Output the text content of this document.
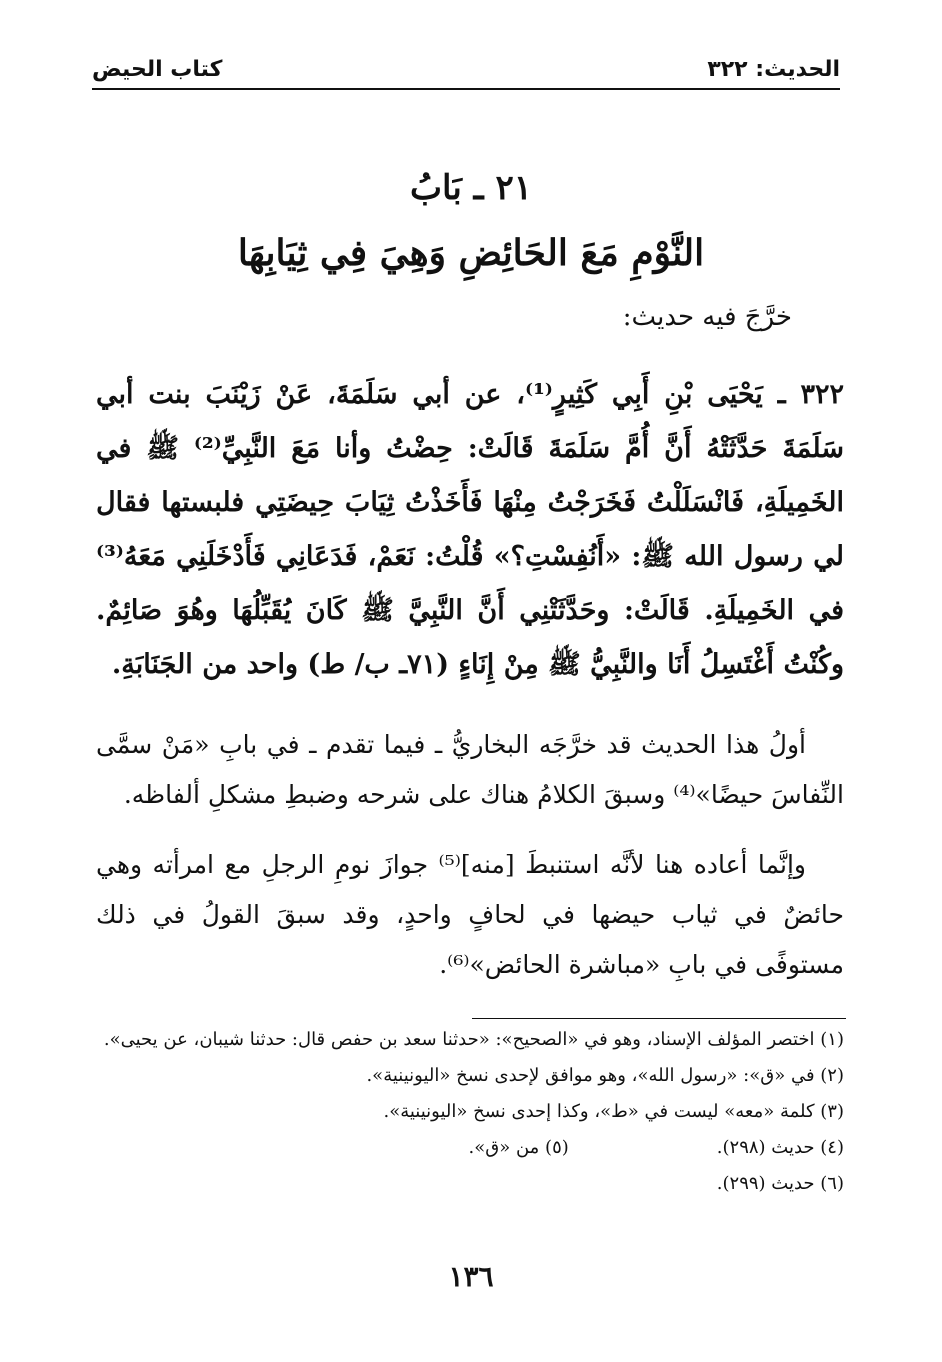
الحديث: ٣٢٢
كتاب الحيض
٢١ ـ بَابُ
النَّوْمِ مَعَ الحَائِضِ وَهِيَ فِي ثِيَابِهَا
خرَّجَ فيه حديث:

٣٢٢ ـ يَحْيَى بْنِ أَبِي كَثِيرٍ⁽¹⁾، عن أبي سَلَمَةَ، عَنْ زَيْنَبَ بنت أبي سَلَمَةَ حَدَّثَتْهُ أَنَّ أُمَّ سَلَمَةَ قَالَتْ: حِضْتُ وأنا مَعَ النَّبِيِّ⁽²⁾ ﷺ في الخَمِيلَةِ، فَانْسَلَلْتُ فَخَرَجْتُ مِنْهَا فَأَخَذْتُ ثِيَابَ حِيضَتِي فلبستها فقال لي رسول الله ﷺ: «أَنُفِسْتِ؟» قُلْتُ: نَعَمْ، فَدَعَانِي فَأَدْخَلَنِي مَعَهُ⁽³⁾ في الخَمِيلَةِ. قَالَتْ: وحَدَّثَتْنِي أَنَّ النَّبِيَّ ﷺ كَانَ يُقَبِّلُهَا وهُوَ صَائِمٌ. وكُنْتُ أَغْتَسِلُ أَنَا والنَّبِيُّ ﷺ مِنْ إِنَاءٍ (٧١ـ ب/ ط) واحد من الجَنَابَةِ.

أولُ هذا الحديث قد خرَّجَه البخاريُّ ـ فيما تقدم ـ في بابِ «مَنْ سمَّى النِّفاسَ حيضًا»⁽⁴⁾ وسبقَ الكلامُ هناك على شرحه وضبطِ مشكلِ ألفاظه.

وإنَّما أعاده هنا لأنَّه استنبطَ [منه]⁽⁵⁾ جوازَ نومِ الرجلِ مع امرأته وهي حائضٌ في ثياب حيضها في لحافٍ واحدٍ، وقد سبقَ القولُ في ذلك مستوفًى في بابِ «مباشرة الحائض»⁽⁶⁾.

(١) اختصر المؤلف الإسناد، وهو في «الصحيح»: «حدثنا سعد بن حفص قال: حدثنا شيبان، عن يحيى».
(٢) في «ق»: «رسول الله»، وهو موافق لإحدى نسخ «اليونينية».
(٣) كلمة «معه» ليست في «ط»، وكذا إحدى نسخ «اليونينية».
(٤) حديث (٢٩٨).
(٥) من «ق».
(٦) حديث (٢٩٩).
١٣٦
